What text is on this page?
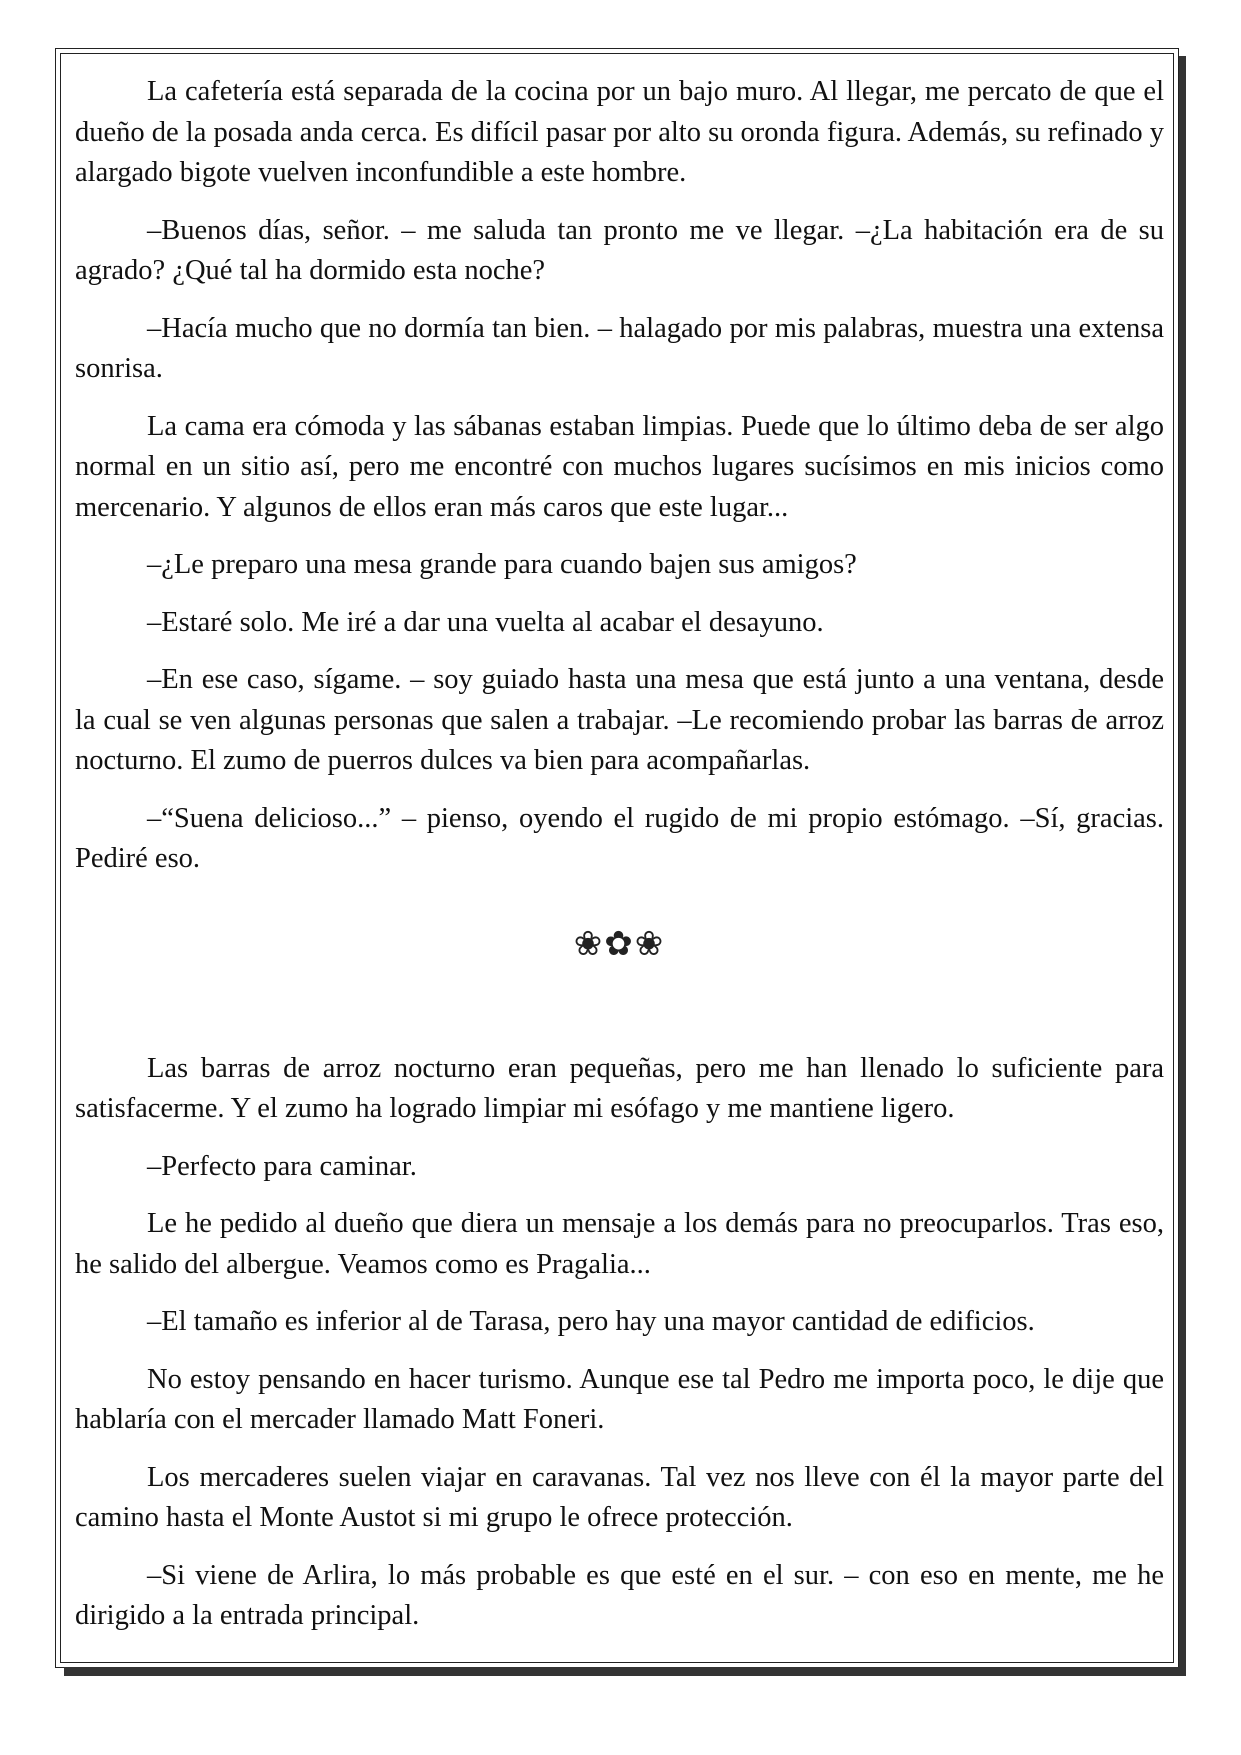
La cafetería está separada de la cocina por un bajo muro. Al llegar, me percato de que el dueño de la posada anda cerca. Es difícil pasar por alto su oronda figura. Además, su refinado y alargado bigote vuelven inconfundible a este hombre.

–Buenos días, señor. – me saluda tan pronto me ve llegar. –¿La habitación era de su agrado? ¿Qué tal ha dormido esta noche?

–Hacía mucho que no dormía tan bien. – halagado por mis palabras, muestra una extensa sonrisa.

La cama era cómoda y las sábanas estaban limpias. Puede que lo último deba de ser algo normal en un sitio así, pero me encontré con muchos lugares sucísimos en mis inicios como mercenario. Y algunos de ellos eran más caros que este lugar...

–¿Le preparo una mesa grande para cuando bajen sus amigos?

–Estaré solo. Me iré a dar una vuelta al acabar el desayuno.

–En ese caso, sígame. – soy guiado hasta una mesa que está junto a una ventana, desde la cual se ven algunas personas que salen a trabajar. –Le recomiendo probar las barras de arroz nocturno. El zumo de puerros dulces va bien para acompañarlas.

–“Suena delicioso...” – pienso, oyendo el rugido de mi propio estómago. –Sí, gracias. Pediré eso.

❀✿❀

Las barras de arroz nocturno eran pequeñas, pero me han llenado lo suficiente para satisfacerme. Y el zumo ha logrado limpiar mi esófago y me mantiene ligero.

–Perfecto para caminar.

Le he pedido al dueño que diera un mensaje a los demás para no preocuparlos. Tras eso, he salido del albergue. Veamos como es Pragalia...

–El tamaño es inferior al de Tarasa, pero hay una mayor cantidad de edificios.

No estoy pensando en hacer turismo. Aunque ese tal Pedro me importa poco, le dije que hablaría con el mercader llamado Matt Foneri.

Los mercaderes suelen viajar en caravanas. Tal vez nos lleve con él la mayor parte del camino hasta el Monte Austot si mi grupo le ofrece protección.

–Si viene de Arlira, lo más probable es que esté en el sur. – con eso en mente, me he dirigido a la entrada principal.
